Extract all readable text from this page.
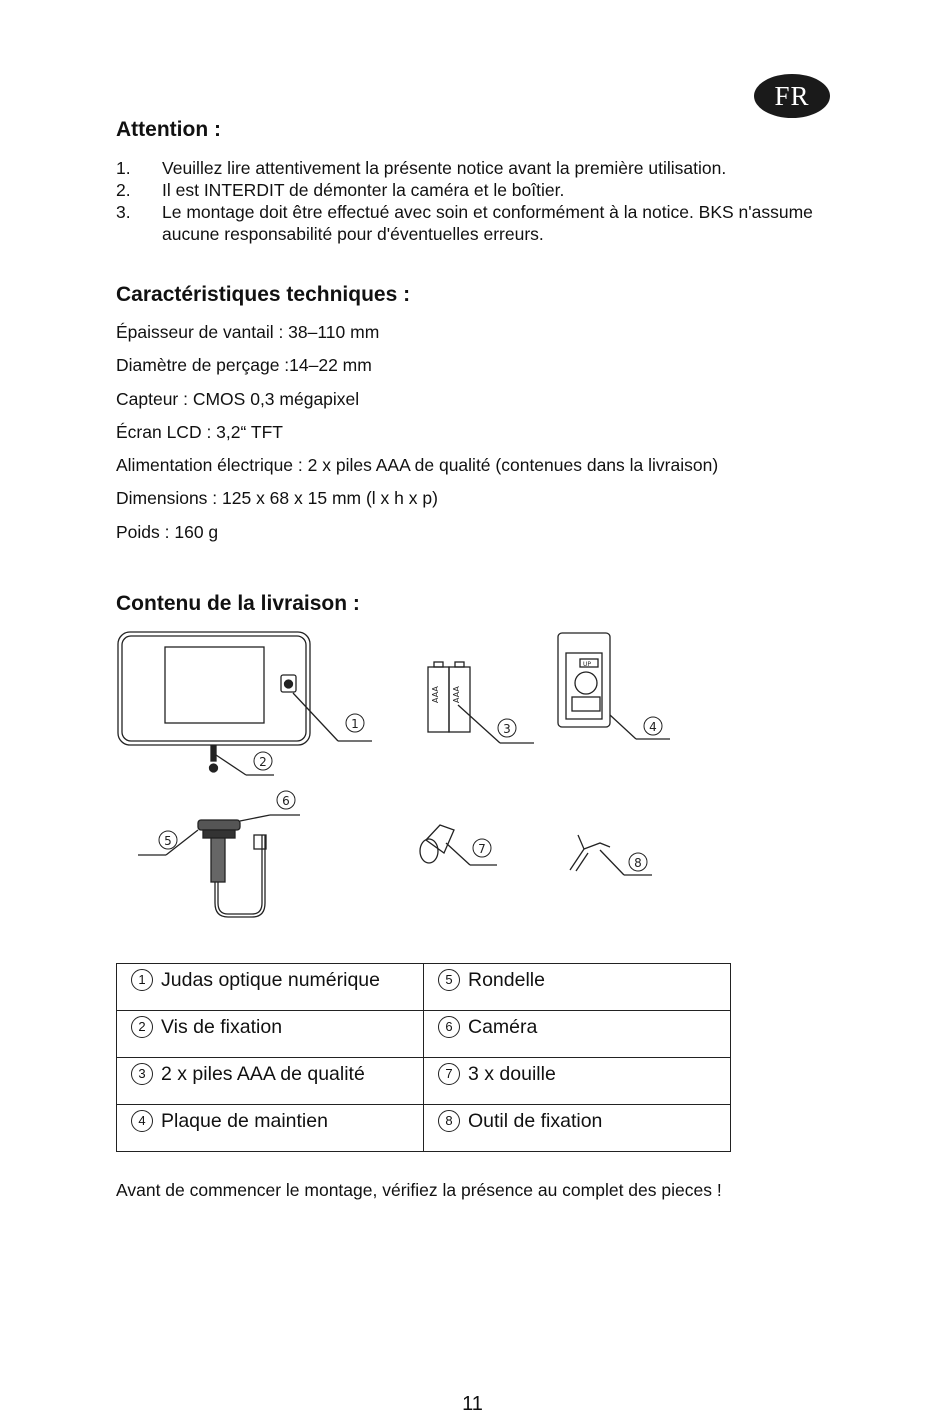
FR
Attention :
1.	Veuillez lire attentivement la présente notice avant la première utilisation.
2.	Il est INTERDIT de démonter la caméra et le boîtier.
3.	Le montage doit être effectué avec soin et conformément à la notice. BKS n'assume aucune responsabilité pour d'éventuelles erreurs.
Caractéristiques techniques :
Épaisseur de vantail : 38–110 mm
Diamètre de perçage :14–22 mm
Capteur : CMOS 0,3 mégapixel
Écran LCD : 3,2“ TFT
Alimentation électrique : 2 x piles AAA de qualité (contenues dans la livraison)
Dimensions : 125 x 68 x 15 mm (l x h x p)
Poids : 160 g
Contenu de la livraison :
AAA AAA
UP
1
2
3	4
5
6
7
8
1 Judas optique numérique	5 Rondelle
2 Vis de fixation	6 Caméra
3 2 x piles AAA de qualité	7 3 x douille
4 Plaque de maintien	8 Outil de fixation
Avant de commencer le montage, vérifiez la présence au complet des pieces !
11
